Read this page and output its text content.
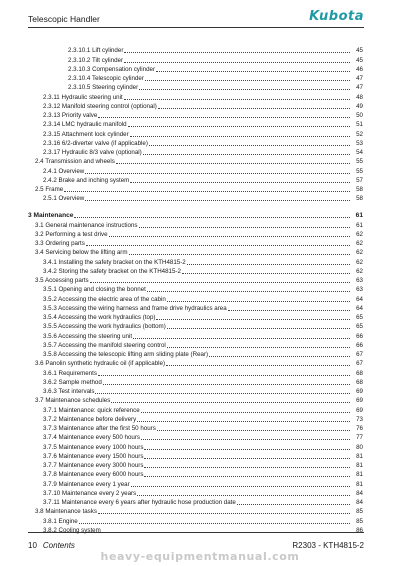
Telescopic Handler	Kubota
2.3.10.1 Lift cylinder	45
2.3.10.2 Tilt cylinder	45
2.3.10.3 Compensation cylinder	46
2.3.10.4 Telescopic cylinder	47
2.3.10.5 Steering cylinder	47
2.3.11 Hydraulic steering unit	48
2.3.12 Manifold steering control (optional)	49
2.3.13 Priority valve	50
2.3.14 LMC hydraulic manifold	51
2.3.15 Attachment lock cylinder	52
2.3.16 6/2-diverter valve (if applicable)	53
2.3.17 Hydraulic 8/3 valve (optional)	54
2.4 Transmission and wheels	55
2.4.1 Overview	55
2.4.2 Brake and inching system	57
2.5 Frame	58
2.5.1 Overview	58
3 Maintenance	61
3.1 General maintenance instructions	61
3.2 Performing a test drive	62
3.3 Ordering parts	62
3.4 Servicing below the lifting arm	62
3.4.1 Installing the safety bracket on the KTH4815-2	62
3.4.2 Storing the safety bracket on the KTH4815-2	62
3.5 Accessing parts	63
3.5.1 Opening and closing the bonnet	63
3.5.2 Accessing the electric area of the cabin	64
3.5.3 Accessing the wiring harness and frame drive hydraulics area	64
3.5.4 Accessing the work hydraulics (top)	65
3.5.5 Accessing the work hydraulics (bottom)	65
3.5.6 Accessing the steering unit	66
3.5.7 Accessing the manifold steering control	66
3.5.8 Accessing the telescopic lifting arm sliding plate (Rear)	67
3.6 Panolin synthetic hydraulic oil (if applicable)	67
3.6.1 Requirements	68
3.6.2 Sample method	68
3.6.3 Test intervals	69
3.7 Maintenance schedules	69
3.7.1 Maintenance: quick reference	69
3.7.2 Maintenance before delivery	73
3.7.3 Maintenance after the first 50 hours	76
3.7.4 Maintenance every 500 hours	77
3.7.5 Maintenance every 1000 hours	80
3.7.6 Maintenance every 1500 hours	81
3.7.7 Maintenance every 3000 hours	81
3.7.8 Maintenance every 6000 hours	81
3.7.9 Maintenance every 1 year	81
3.7.10 Maintenance every 2 years	84
3.7.11 Maintenance every 6 years after hydraulic hose production date	84
3.8 Maintenance tasks	85
3.8.1 Engine	85
3.8.2 Cooling system	86
10 Contents	R2303 - KTH4815-2
heavy-equipmentmanual.com
